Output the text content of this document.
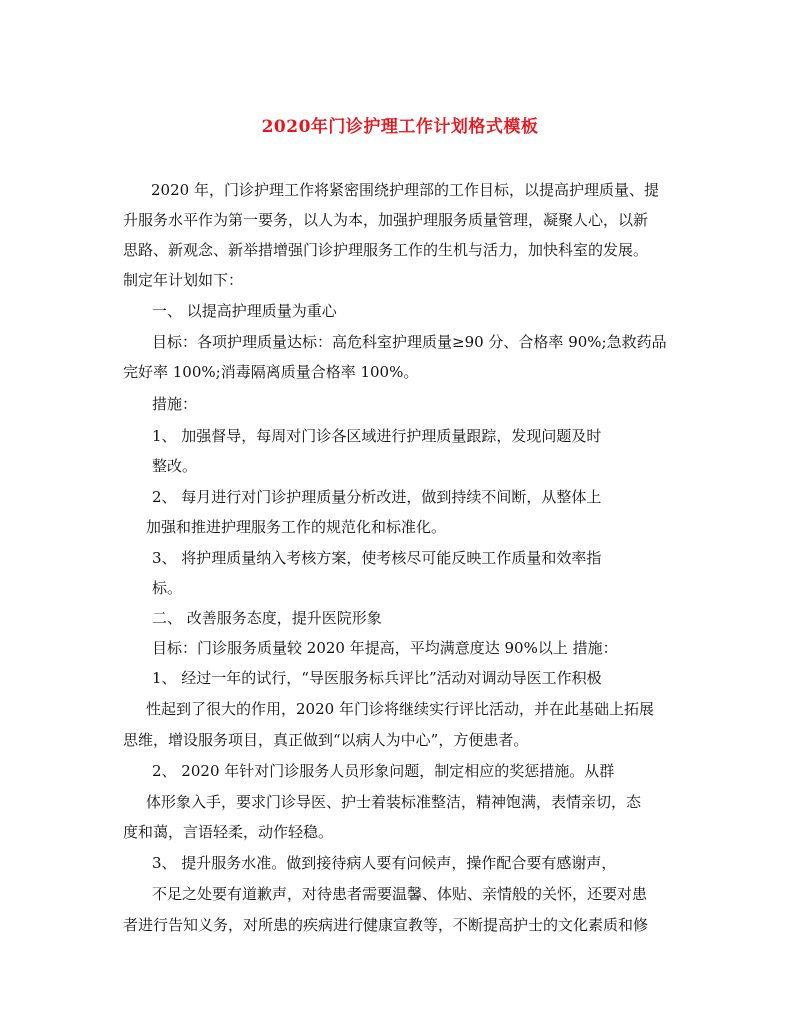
2020年门诊护理工作计划格式模板
2020 年，门诊护理工作将紧密围绕护理部的工作目标，以提高护理质量、提
升服务水平作为第一要务，以人为本，加强护理服务质量管理，凝聚人心，以新
思路、新观念、新举措增强门诊护理服务工作的生机与活力，加快科室的发展。
制定年计划如下：
一、 以提高护理质量为重心
目标：各项护理质量达标：高危科室护理质量≥90 分、合格率 90%;急救药品
完好率 100%;消毒隔离质量合格率 100%。
措施：
1、 加强督导，每周对门诊各区域进行护理质量跟踪，发现问题及时
整改。
2、 每月进行对门诊护理质量分析改进，做到持续不间断，从整体上
加强和推进护理服务工作的规范化和标准化。
3、 将护理质量纳入考核方案，使考核尽可能反映工作质量和效率指
标。
二、 改善服务态度，提升医院形象
目标：门诊服务质量较 2020 年提高，平均满意度达 90%以上 措施：
1、 经过一年的试行，“导医服务标兵评比”活动对调动导医工作积极
性起到了很大的作用，2020 年门诊将继续实行评比活动，并在此基础上拓展
思维，增设服务项目，真正做到“以病人为中心”，方便患者。
2、 2020 年针对门诊服务人员形象问题，制定相应的奖惩措施。从群
体形象入手，要求门诊导医、护士着装标准整洁，精神饱满，表情亲切，态
度和蔼，言语轻柔，动作轻稳。
3、 提升服务水准。做到接待病人要有问候声，操作配合要有感谢声，
不足之处要有道歉声，对待患者需要温馨、体贴、亲情般的关怀，还要对患
者进行告知义务，对所患的疾病进行健康宣教等，不断提高护士的文化素质和修
